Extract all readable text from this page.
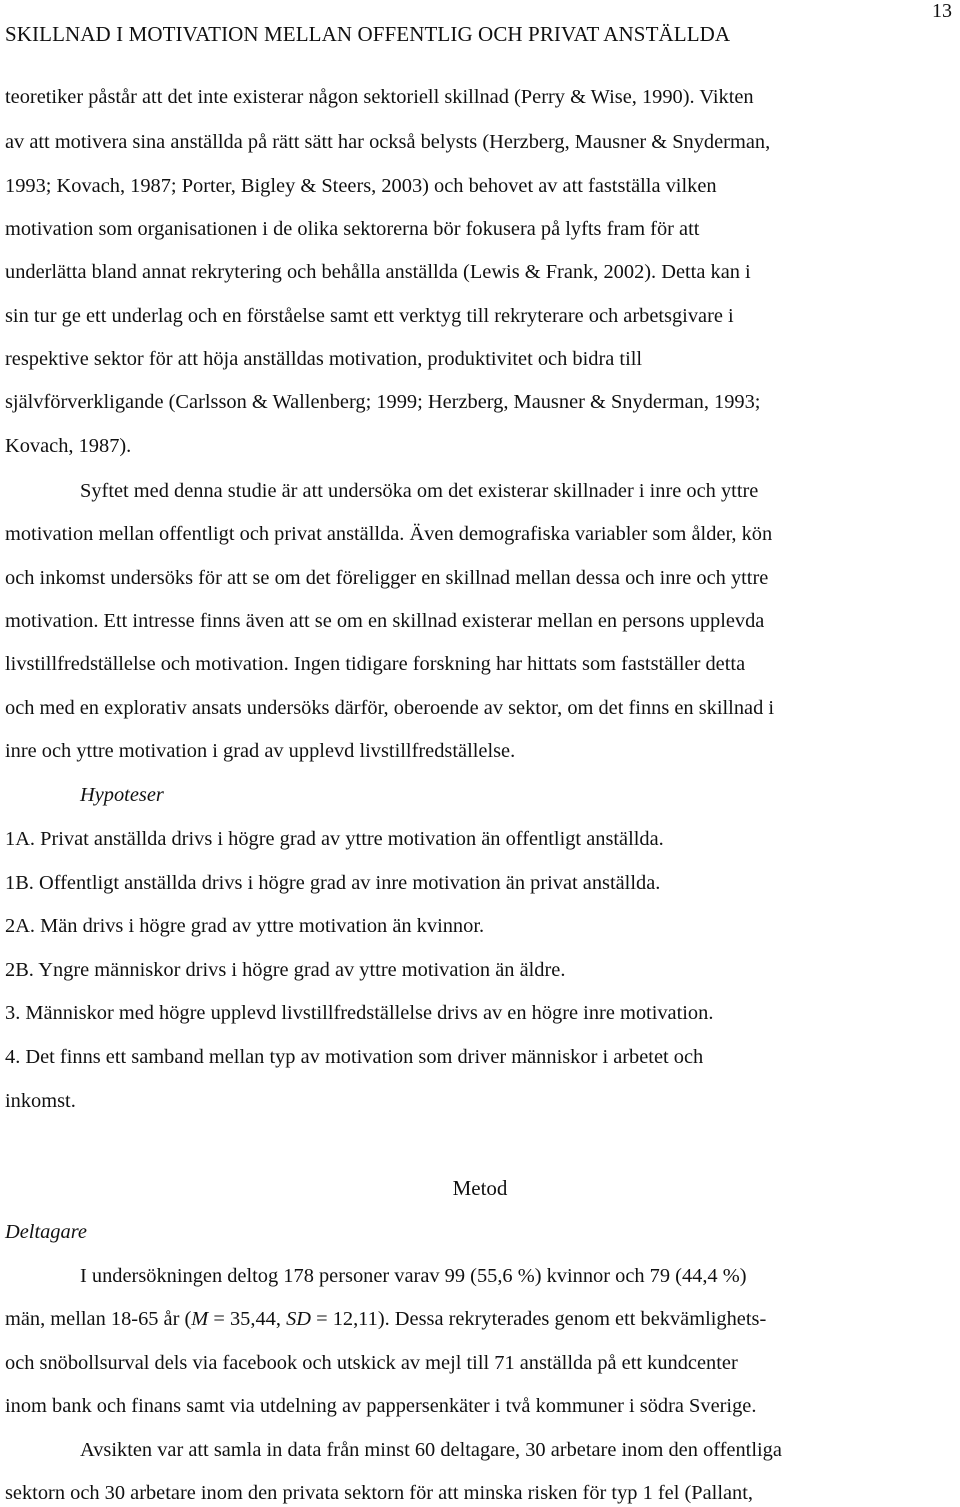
SKILLNAD I MOTIVATION MELLAN OFFENTLIG OCH PRIVAT ANSTÄLLDA
13
teoretiker påstår att det inte existerar någon sektoriell skillnad (Perry & Wise, 1990). Vikten
av att motivera sina anställda på rätt sätt har också belysts (Herzberg, Mausner & Snyderman,
1993; Kovach, 1987; Porter, Bigley & Steers, 2003) och behovet av att fastställa vilken
motivation som organisationen i de olika sektorerna bör fokusera på lyfts fram för att
underlätta bland annat rekrytering och behålla anställda (Lewis & Frank, 2002). Detta kan i
sin tur ge ett underlag och en förståelse samt ett verktyg till rekryterare och arbetsgivare i
respektive sektor för att höja anställdas motivation, produktivitet och bidra till
självförverkligande (Carlsson & Wallenberg; 1999; Herzberg, Mausner & Snyderman, 1993;
Kovach, 1987).
Syftet med denna studie är att undersöka om det existerar skillnader i inre och yttre
motivation mellan offentligt och privat anställda. Även demografiska variabler som ålder, kön
och inkomst undersöks för att se om det föreligger en skillnad mellan dessa och inre och yttre
motivation. Ett intresse finns även att se om en skillnad existerar mellan en persons upplevda
livstillfredställelse och motivation. Ingen tidigare forskning har hittats som fastställer detta
och med en explorativ ansats undersöks därför, oberoende av sektor, om det finns en skillnad i
inre och yttre motivation i grad av upplevd livstillfredställelse.
Hypoteser
1A. Privat anställda drivs i högre grad av yttre motivation än offentligt anställda.
1B. Offentligt anställda drivs i högre grad av inre motivation än privat anställda.
2A. Män drivs i högre grad av yttre motivation än kvinnor.
2B. Yngre människor drivs i högre grad av yttre motivation än äldre.
3. Människor med högre upplevd livstillfredställelse drivs av en högre inre motivation.
4. Det finns ett samband mellan typ av motivation som driver människor i arbetet och
inkomst.
Metod
Deltagare
I undersökningen deltog 178 personer varav 99 (55,6 %) kvinnor och 79 (44,4 %)
män, mellan 18-65 år (M = 35,44, SD = 12,11). Dessa rekryterades genom ett bekvämlighets-
och snöbollsurval dels via facebook och utskick av mejl till 71 anställda på ett kundcenter
inom bank och finans samt via utdelning av pappersenkäter i två kommuner i södra Sverige.
Avsikten var att samla in data från minst 60 deltagare, 30 arbetare inom den offentliga
sektorn och 30 arbetare inom den privata sektorn för att minska risken för typ 1 fel (Pallant,
